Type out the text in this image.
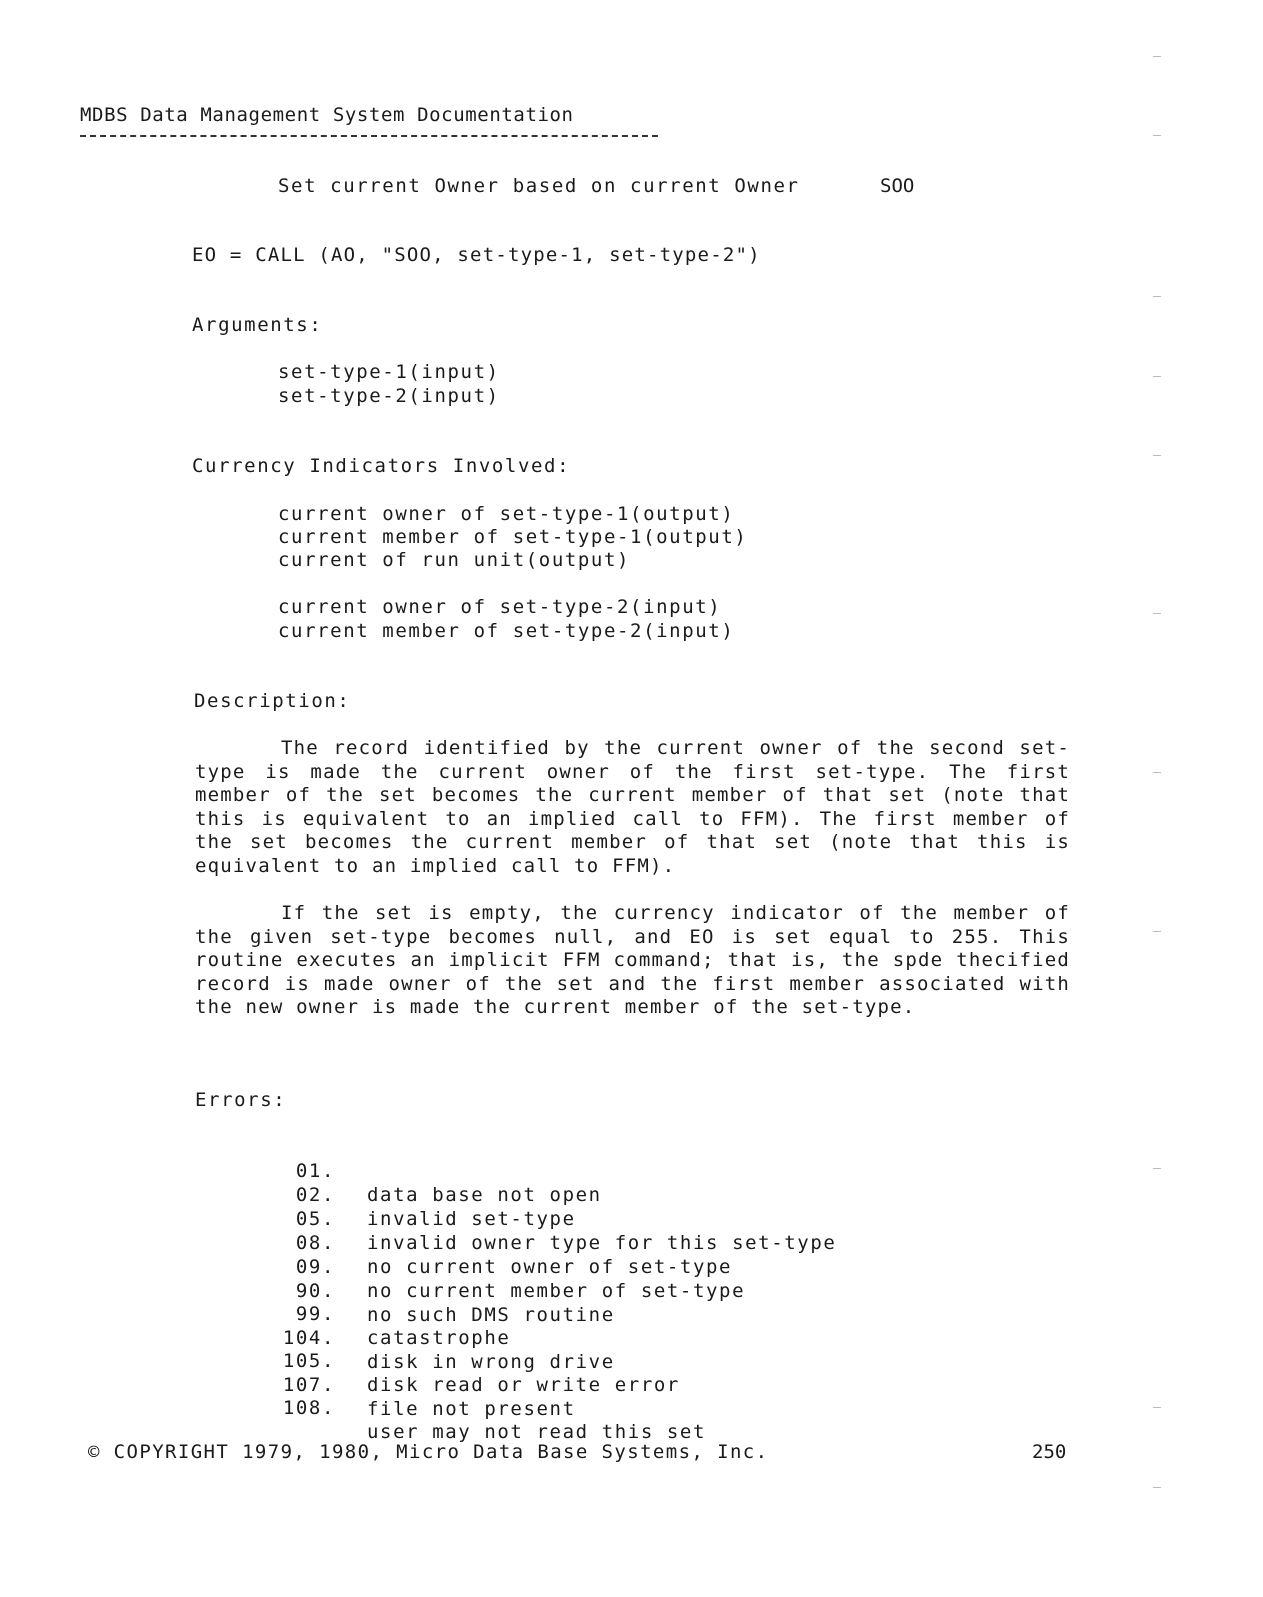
MDBS Data Management System Documentation
Set current Owner based on current Owner	SOO
EO = CALL (AO, "SOO, set-type-1, set-type-2")
Arguments:
set-type-1(input)
set-type-2(input)
Currency Indicators Involved:
current owner of set-type-1(output)
current member of set-type-1(output)
current of run unit(output)
current owner of set-type-2(input)
current member of set-type-2(input)
Description:
The record identified by the current owner of the second set-type is made the current owner of the first set-type. The first member of the set becomes the current member of that set (note that this is equivalent to an implied call to FFM). The first member of the set becomes the current member of that set (note that this is equivalent to an implied call to FFM).
If the set is empty, the currency indicator of the member of the given set-type becomes null, and EO is set equal to 255. This routine executes an implicit FFM command; that is, the spde thecified record is made owner of the set and the first member associated with the new owner is made the current member of the set-type.
Errors:

01.

data base not open

02.

invalid set-type

05.

invalid owner type for this set-type

08.

no current owner of set-type

09.

no current member of set-type

90.

no such DMS routine

99.

catastrophe

104.

disk in wrong drive

105.

disk read or write error

107.

file not present

108.

user may not read this set

© COPYRIGHT 1979, 1980, Micro Data Base Systems, Inc.	250
